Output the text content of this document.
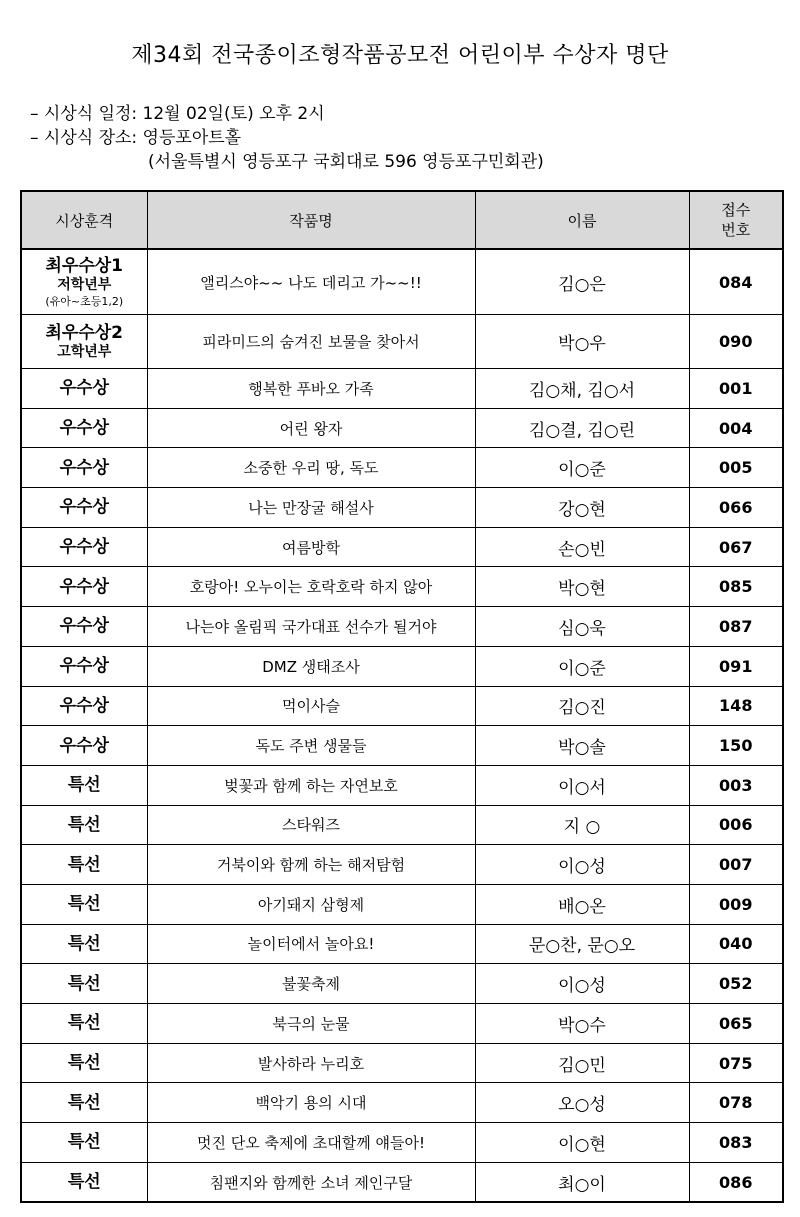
제34회 전국종이조형작품공모전 어린이부 수상자 명단
– 시상식 일정: 12월 02일(토) 오후 2시
– 시상식 장소: 영등포아트홀
(서울특별시 영등포구 국회대로 596 영등포구민회관)
시상훈격	작품명	이름	접수
번호

최우수상1
저학년부
(유아~초등1,2)	앨리스야~~ 나도 데리고 가~~!!	김○은	084

최우수상2
고학년부	피라미드의 숨겨진 보물을 찾아서	박○우	090

우수상	행복한 푸바오 가족	김○채, 김○서	001

우수상	어린 왕자	김○결, 김○린	004

우수상	소중한 우리 땅, 독도	이○준	005

우수상	나는 만장굴 해설사	강○현	066

우수상	여름방학	손○빈	067

우수상	호랑아! 오누이는 호락호락 하지 않아	박○현	085

우수상	나는야 올림픽 국가대표 선수가 될거야	심○욱	087

우수상	DMZ 생태조사	이○준	091

우수상	먹이사슬	김○진	148

우수상	독도 주변 생물들	박○솔	150

특선	벚꽃과 함께 하는 자연보호	이○서	003

특선	스타워즈	지 ○	006

특선	거북이와 함께 하는 해저탐험	이○성	007

특선	아기돼지 삼형제	배○온	009

특선	놀이터에서 놀아요!	문○찬, 문○오	040

특선	불꽃축제	이○성	052

특선	북극의 눈물	박○수	065

특선	발사하라 누리호	김○민	075

특선	백악기 용의 시대	오○성	078

특선	멋진 단오 축제에 초대할께 얘들아!	이○현	083

특선	침팬지와 함께한 소녀 제인구달	최○이	086
